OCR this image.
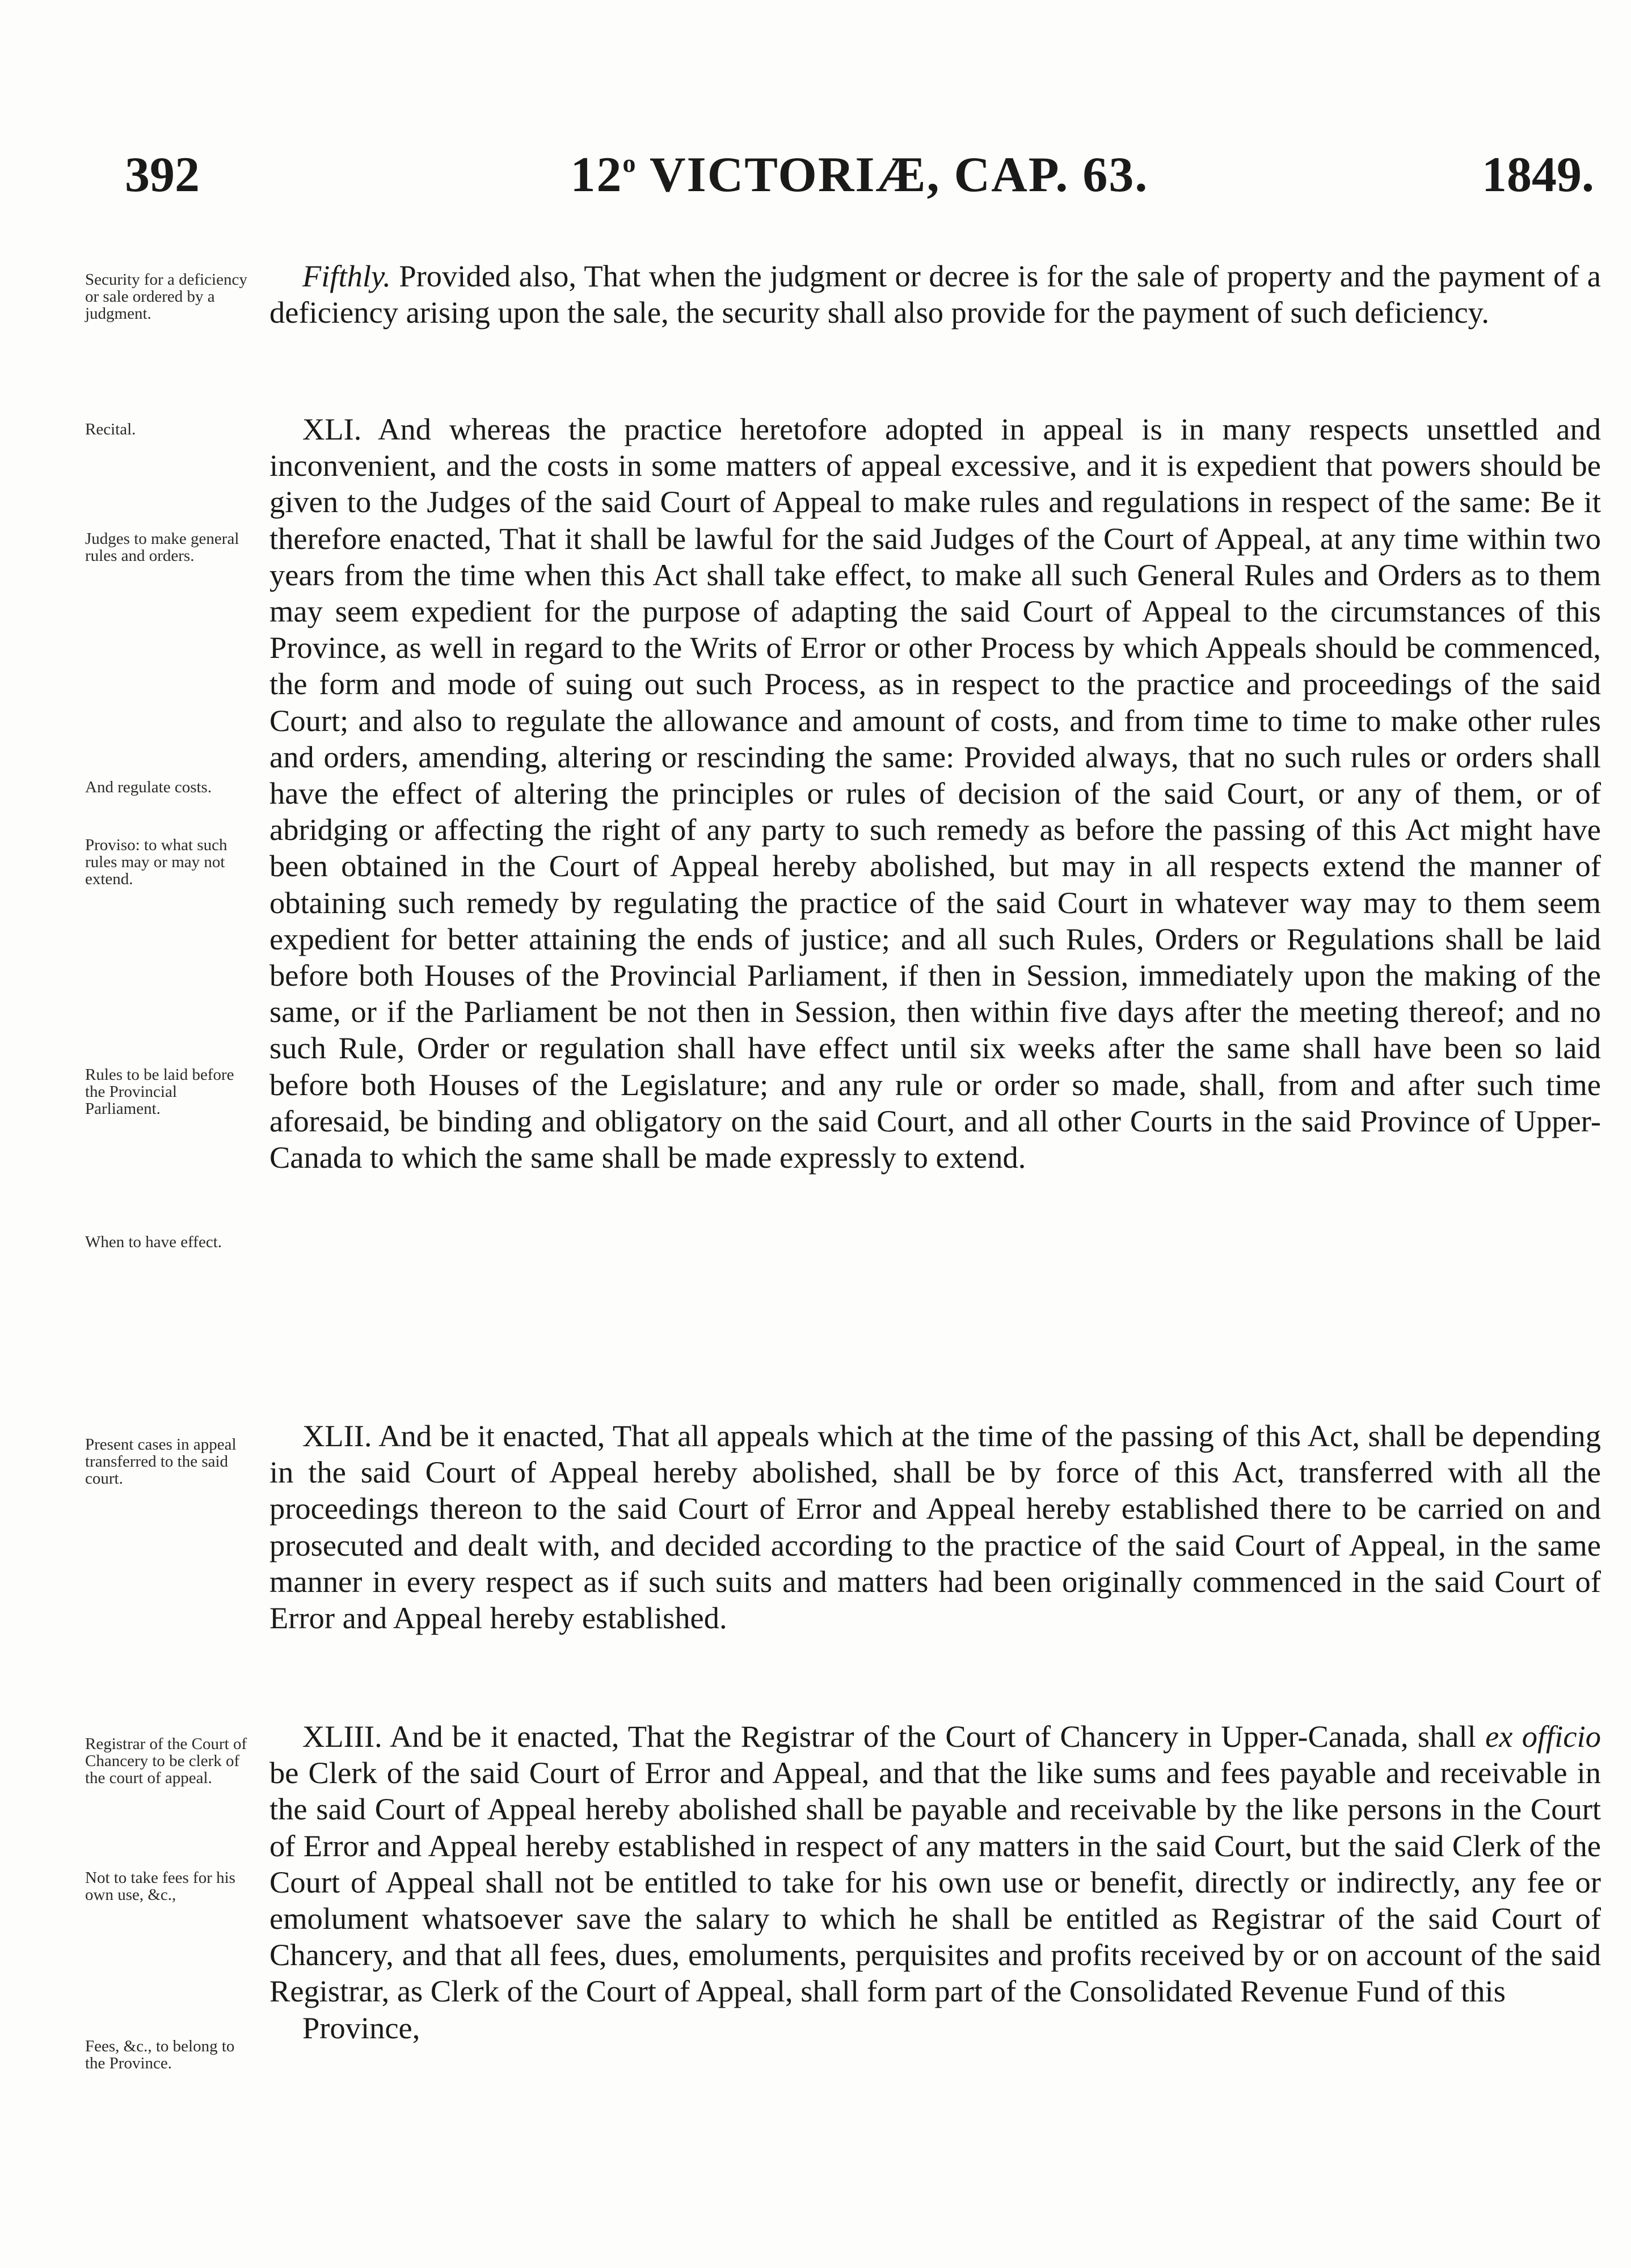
392	12$^o$ VICTORIÆ, CAP. 63.	1849.
Security for a deficiency or sale ordered by a judgment.

Fifthly. Provided also, That when the judgment or decree is for the sale of property and the payment of a deficiency arising upon the sale, the security shall also provide for the payment of such deficiency.

Recital.
Judges to make general rules and orders.
And regulate costs.
Proviso: to what such rules may or may not extend.
Rules to be laid before the Provincial Parliament.
When to have effect.

XLI. And whereas the practice heretofore adopted in appeal is in many respects unsettled and inconvenient, and the costs in some matters of appeal excessive, and it is expedient that powers should be given to the Judges of the said Court of Appeal to make rules and regulations in respect of the same: Be it therefore enacted, That it shall be lawful for the said Judges of the Court of Appeal, at any time within two years from the time when this Act shall take effect, to make all such General Rules and Orders as to them may seem expedient for the purpose of adapting the said Court of Appeal to the circumstances of this Province, as well in regard to the Writs of Error or other Process by which Appeals should be commenced, the form and mode of suing out such Process, as in respect to the practice and proceedings of the said Court; and also to regulate the allowance and amount of costs, and from time to time to make other rules and orders, amending, altering or rescinding the same: Provided always, that no such rules or orders shall have the effect of altering the principles or rules of decision of the said Court, or any of them, or of abridging or affecting the right of any party to such remedy as before the passing of this Act might have been obtained in the Court of Appeal hereby abolished, but may in all respects extend the manner of obtaining such remedy by regulating the practice of the said Court in whatever way may to them seem expedient for better attaining the ends of justice; and all such Rules, Orders or Regulations shall be laid before both Houses of the Provincial Parliament, if then in Session, immediately upon the making of the same, or if the Parliament be not then in Session, then within five days after the meeting thereof; and no such Rule, Order or regulation shall have effect until six weeks after the same shall have been so laid before both Houses of the Legislature; and any rule or order so made, shall, from and after such time aforesaid, be binding and obligatory on the said Court, and all other Courts in the said Province of Upper-Canada to which the same shall be made expressly to extend.

Present cases in appeal transferred to the said court.

XLII. And be it enacted, That all appeals which at the time of the passing of this Act, shall be depending in the said Court of Appeal hereby abolished, shall be by force of this Act, transferred with all the proceedings thereon to the said Court of Error and Appeal hereby established there to be carried on and prosecuted and dealt with, and decided according to the practice of the said Court of Appeal, in the same manner in every respect as if such suits and matters had been originally commenced in the said Court of Error and Appeal hereby established.

Registrar of the Court of Chancery to be clerk of the court of appeal.
Not to take fees for his own use, &c.,
Fees, &c., to belong to the Province.

XLIII. And be it enacted, That the Registrar of the Court of Chancery in Upper-Canada, shall ex officio be Clerk of the said Court of Error and Appeal, and that the like sums and fees payable and receivable in the said Court of Appeal hereby abolished shall be payable and receivable by the like persons in the Court of Error and Appeal hereby established in respect of any matters in the said Court, but the said Clerk of the Court of Appeal shall not be entitled to take for his own use or benefit, directly or indirectly, any fee or emolument whatsoever save the salary to which he shall be entitled as Registrar of the said Court of Chancery, and that all fees, dues, emoluments, perquisites and profits received by or on account of the said Registrar, as Clerk of the Court of Appeal, shall form part of the Consolidated Revenue Fund of this
Province,
